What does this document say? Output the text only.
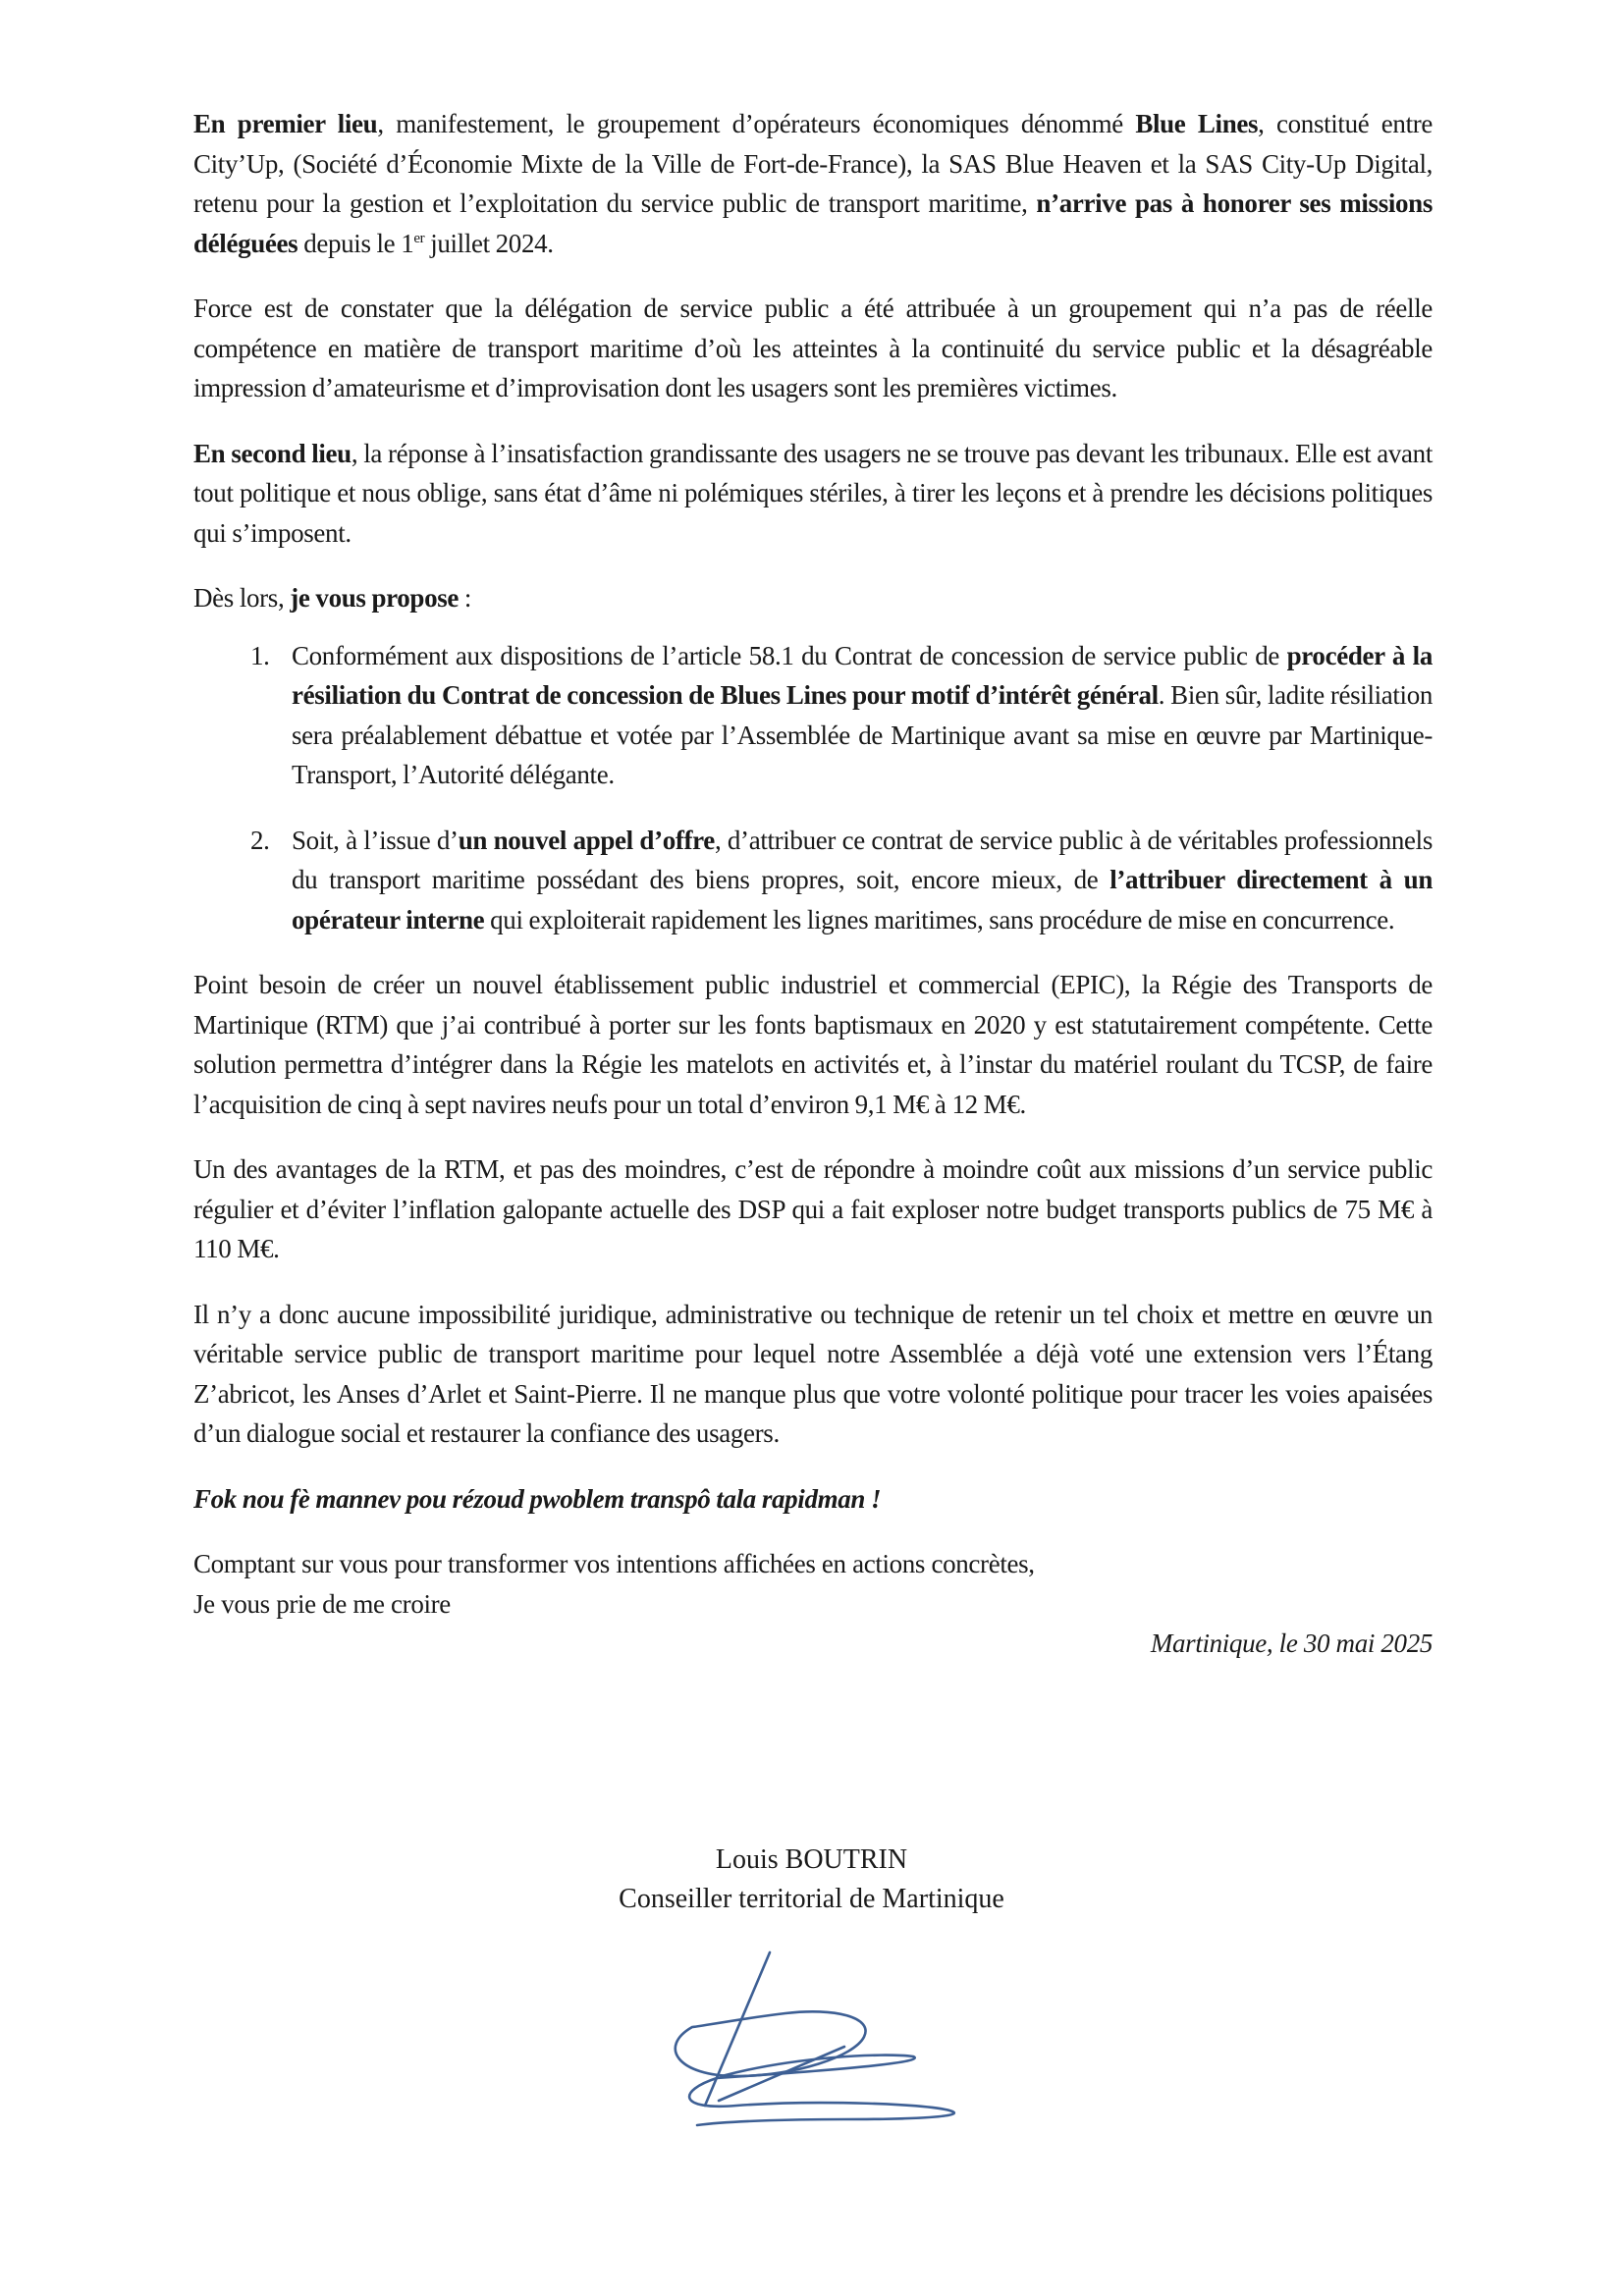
En premier lieu, manifestement, le groupement d’opérateurs économiques dénommé Blue Lines, constitué entre City’Up, (Société d’Économie Mixte de la Ville de Fort-de-France), la SAS Blue Heaven et la SAS City-Up Digital, retenu pour la gestion et l’exploitation du service public de transport maritime, n’arrive pas à honorer ses missions déléguées depuis le 1er juillet 2024.

Force est de constater que la délégation de service public a été attribuée à un groupement qui n’a pas de réelle compétence en matière de transport maritime d’où les atteintes à la continuité du service public et la désagréable impression d’amateurisme et d’improvisation dont les usagers sont les premières victimes.

En second lieu, la réponse à l’insatisfaction grandissante des usagers ne se trouve pas devant les tribunaux. Elle est avant tout politique et nous oblige, sans état d’âme ni polémiques stériles, à tirer les leçons et à prendre les décisions politiques qui s’imposent.

Dès lors, je vous propose :

1. Conformément aux dispositions de l’article 58.1 du Contrat de concession de service public de procéder à la résiliation du Contrat de concession de Blues Lines pour motif d’intérêt général. Bien sûr, ladite résiliation sera préalablement débattue et votée par l’Assemblée de Martinique avant sa mise en œuvre par Martinique-Transport, l’Autorité délégante.
2. Soit, à l’issue d’un nouvel appel d’offre, d’attribuer ce contrat de service public à de véritables professionnels du transport maritime possédant des biens propres, soit, encore mieux, de l’attribuer directement à un opérateur interne qui exploiterait rapidement les lignes maritimes, sans procédure de mise en concurrence.

Point besoin de créer un nouvel établissement public industriel et commercial (EPIC), la Régie des Transports de Martinique (RTM) que j’ai contribué à porter sur les fonts baptismaux en 2020 y est statutairement compétente. Cette solution permettra d’intégrer dans la Régie les matelots en activités et, à l’instar du matériel roulant du TCSP, de faire l’acquisition de cinq à sept navires neufs pour un total d’environ 9,1 M€ à 12 M€.

Un des avantages de la RTM, et pas des moindres, c’est de répondre à moindre coût aux missions d’un service public régulier et d’éviter l’inflation galopante actuelle des DSP qui a fait exploser notre budget transports publics de 75 M€ à 110 M€.

Il n’y a donc aucune impossibilité juridique, administrative ou technique de retenir un tel choix et mettre en œuvre un véritable service public de transport maritime pour lequel notre Assemblée a déjà voté une extension vers l’Étang Z’abricot, les Anses d’Arlet et Saint-Pierre. Il ne manque plus que votre volonté politique pour tracer les voies apaisées d’un dialogue social et restaurer la confiance des usagers.

Fok nou fè mannev pou rézoud pwoblem transpô tala rapidman !

Comptant sur vous pour transformer vos intentions affichées en actions concrètes,

Je vous prie de me croire

Martinique, le 30 mai 2025

Louis BOUTRIN
Conseiller territorial de Martinique
